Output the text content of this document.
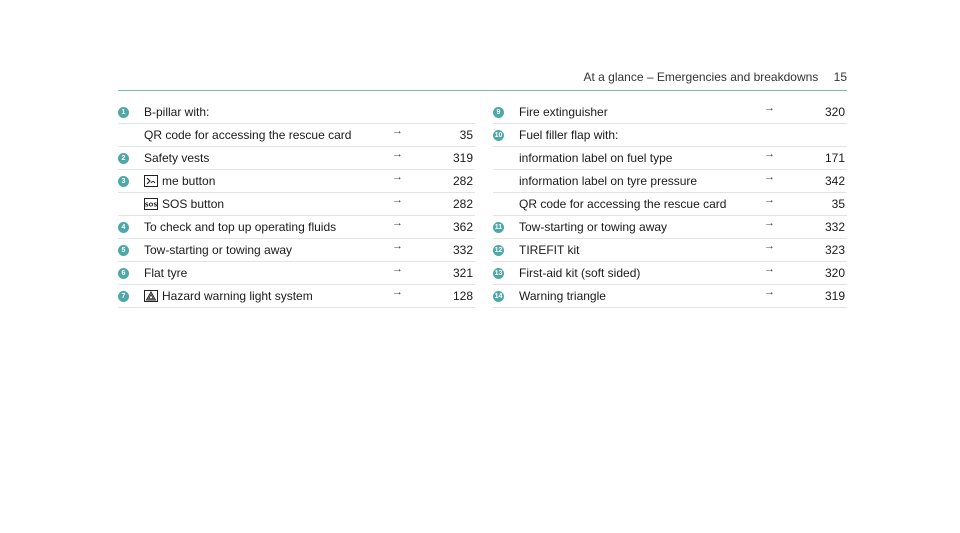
At a glance – Emergencies and breakdowns 15
1 B-pillar with:
QR code for accessing the rescue card	→	35
2 Safety vests	→	319
3	me button	→	282
SOS SOS button	→	282
4 To check and top up operating fluids	→	362
5 Tow-starting or towing away	→	332
6 Flat tyre	→	321
7	Hazard warning light system	→	128
9 Fire extinguisher	→	320
10 Fuel filler flap with:
information label on fuel type	→	171
information label on tyre pressure	→	342
QR code for accessing the rescue card	→	35
11 Tow-starting or towing away	→	332
12 TIREFIT kit	→	323
13 First-aid kit (soft sided)	→	320
14 Warning triangle	→	319
